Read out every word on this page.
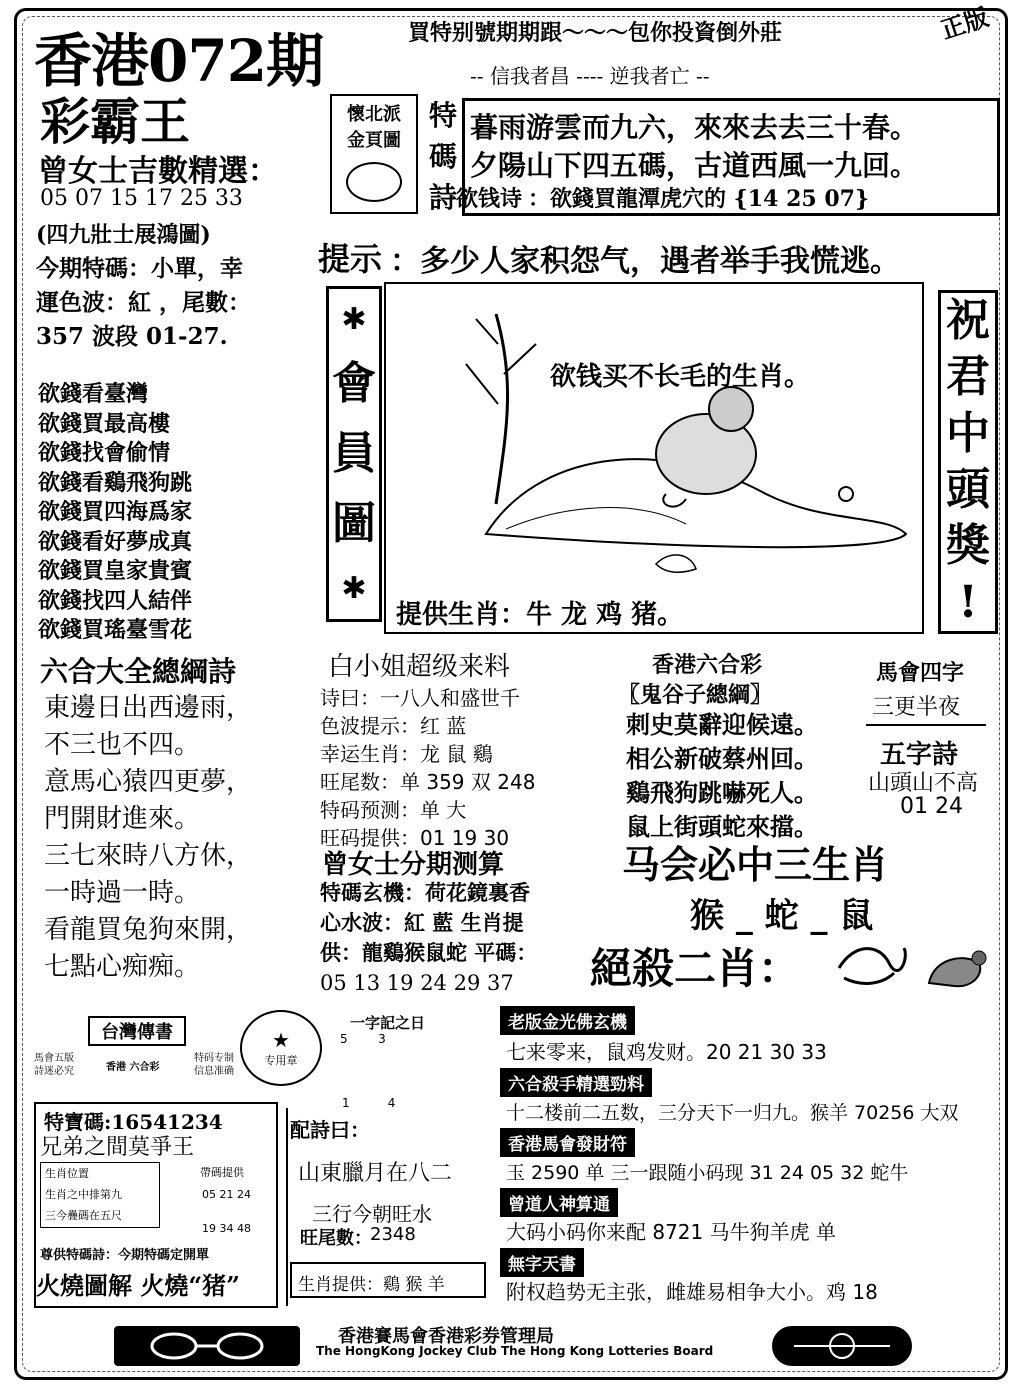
香港072期
彩霸王
買特别號期期跟～～～包你投資倒外莊	正版
-- 信我者昌 ---- 逆我者亡 --
曾女士吉數精選：
05 07 15 17 25 33
(四九壯士展鴻圖)
今期特碼：小單，幸
運色波：紅 ，尾數：
357 波段 01-27.
欲錢看臺灣
欲錢買最高樓
欲錢找會偷情
欲錢看鷄飛狗跳
欲錢買四海爲家
欲錢看好夢成真
欲錢買皇家貴賓
欲錢找四人結伴
欲錢買瑤臺雪花
六合大全總綱詩
東邊日出西邊雨，
不三也不四。
意馬心猿四更夢，
門開財進來。
三七來時八方休，
一時過一時。
看龍買兔狗來開，
七點心痴痴。
懷北派
金頁圖
特
碼
詩
暮雨游雲而九六，來來去去三十春。
夕陽山下四五碼，古道西風一九回。
欲钱诗 ：欲錢買龍潭虎穴的 {14 25 07}
提示 ：多少人家积怨气，遇者举手我慌逃。
✱
會
員
圖
✱
欲钱买不长毛的生肖。
提供生肖：牛 龙 鸡 猪。
祝
君
中
頭
獎
!
白小姐超级来料
诗曰：一八人和盛世千
色波提示：红 蓝
幸运生肖：龙 鼠 鷄
旺尾数：单 359 双 248
特码预测：单 大
旺码提供：01 19 30
曾女士分期测算
特碼玄機：荷花鏡裏香
心水波：紅 藍 生肖提
供：龍鷄猴鼠蛇 平碼：
05 13 19 24 29 37
香港六合彩
〖鬼谷子總綱〗
刺史莫辭迎候遠。
相公新破蔡州回。
鷄飛狗跳嚇死人。
鼠上街頭蛇來擋。
馬會四字
三更半夜
五字詩
山頭山不高
01 24
马会必中三生肖
猴 _ 蛇 _ 鼠
絕殺二肖：
台灣傳書
馬會五版
詩迷必究	香港 六合彩
特码专制
信息准确
★
专用章
一字記之日
5        3
1          4
特寶碼:16541234
兄弟之間莫爭王
生肖位置
生肖之中排第九
三今疊碼在五尺
帶碼提供
05 21 24
19 34 48
尊供特碼詩：今期特碼定開單
火燒圖解 火燒“猪”
配詩曰：
山東臘月在八二
三行今朝旺水
旺尾數：
2348
生肖提供：鷄 猴 羊
老版金光佛玄機
七来零来，鼠鸡发财。20 21 30 33
六合殺手精選勁料
十二楼前二五数，三分天下一归九。猴羊 70256 大双
香港馬會發財符
玉 2590 单 三一跟随小码现 31 24 05 32 蛇牛
曾道人神算通
大码小码你来配 8721 马牛狗羊虎 单
無字天書
附权趋势无主张，雌雄易相争大小。鸡 18
香港賽馬會香港彩券管理局
The HongKong Jockey Club The Hong Kong Lotteries Board
